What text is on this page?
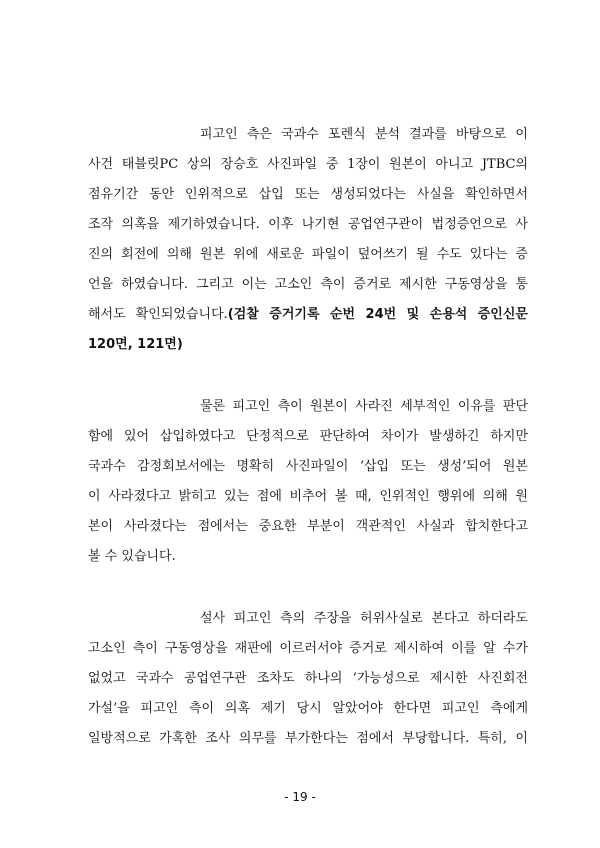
피고인 측은 국과수 포렌식 분석 결과를 바탕으로 이
사건 태블릿PC 상의 장승호 사진파일 중 1장이 원본이 아니고 JTBC의
점유기간 동안 인위적으로 삽입 또는 생성되었다는 사실을 확인하면서
조작 의혹을 제기하였습니다. 이후 나기현 공업연구관이 법정증언으로 사
진의 회전에 의해 원본 위에 새로운 파일이 덮어쓰기 될 수도 있다는 증
언을 하였습니다. 그리고 이는 고소인 측이 증거로 제시한 구동영상을 통
해서도 확인되었습니다.(검찰 증거기록 순번 24번 및 손용석 증인신문
120면, 121면)
물론 피고인 측이 원본이 사라진 세부적인 이유를 판단
함에 있어 삽입하였다고 단정적으로 판단하여 차이가 발생하긴 하지만
국과수 감정회보서에는 명확히 사진파일이 ‘삽입 또는 생성’되어 원본
이 사라졌다고 밝히고 있는 점에 비추어 볼 때, 인위적인 행위에 의해 원
본이 사라졌다는 점에서는 중요한 부분이 객관적인 사실과 합치한다고
볼 수 있습니다.
설사 피고인 측의 주장을 허위사실로 본다고 하더라도
고소인 측이 구동영상을 재판에 이르러서야 증거로 제시하여 이를 알 수가
없었고 국과수 공업연구관 조차도 하나의 ‘가능성으로 제시한 사진회전
가설’을 피고인 측이 의혹 제기 당시 알았어야 한다면 피고인 측에게
일방적으로 가혹한 조사 의무를 부가한다는 점에서 부당합니다. 특히, 이
- 19 -
